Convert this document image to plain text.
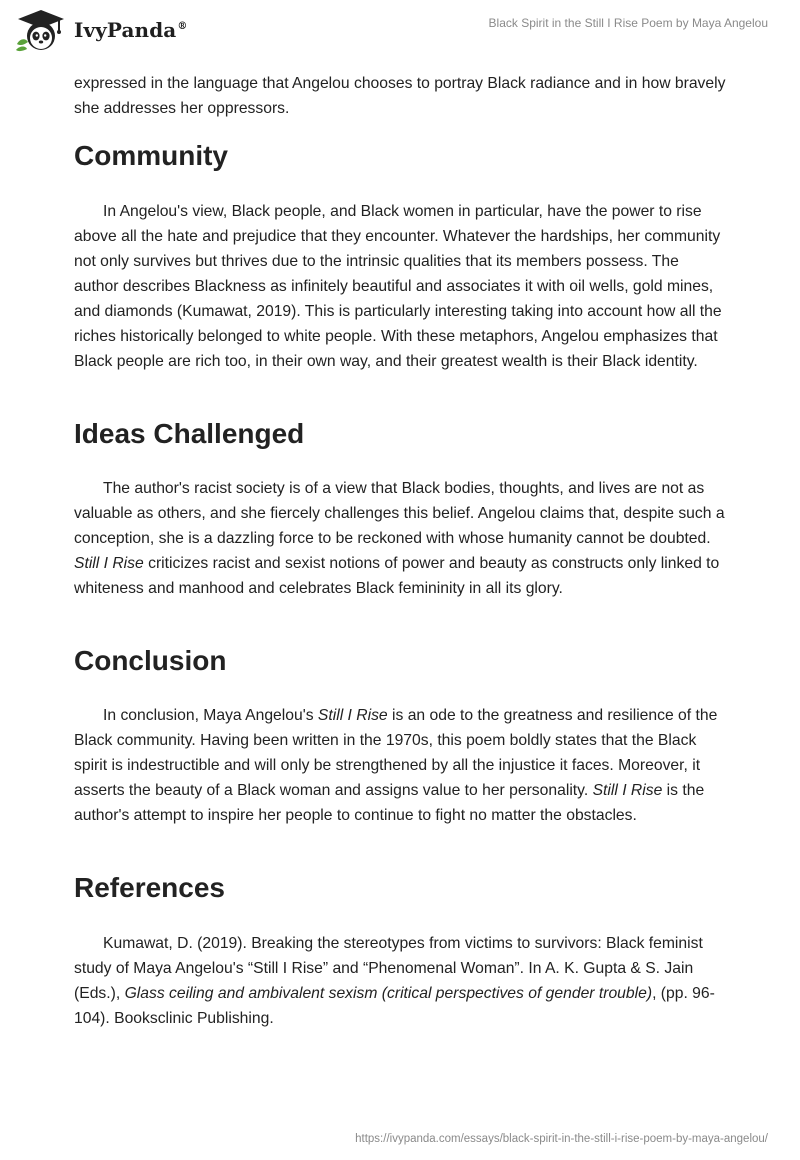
IvyPanda®	Black Spirit in the Still I Rise Poem by Maya Angelou

expressed in the language that Angelou chooses to portray Black radiance and in how bravely she addresses her oppressors.

Community

In Angelou's view, Black people, and Black women in particular, have the power to rise above all the hate and prejudice that they encounter. Whatever the hardships, her community not only survives but thrives due to the intrinsic qualities that its members possess. The author describes Blackness as infinitely beautiful and associates it with oil wells, gold mines, and diamonds (Kumawat, 2019). This is particularly interesting taking into account how all the riches historically belonged to white people. With these metaphors, Angelou emphasizes that Black people are rich too, in their own way, and their greatest wealth is their Black identity.

Ideas Challenged

The author's racist society is of a view that Black bodies, thoughts, and lives are not as valuable as others, and she fiercely challenges this belief. Angelou claims that, despite such a conception, she is a dazzling force to be reckoned with whose humanity cannot be doubted. Still I Rise criticizes racist and sexist notions of power and beauty as constructs only linked to whiteness and manhood and celebrates Black femininity in all its glory.

Conclusion

In conclusion, Maya Angelou's Still I Rise is an ode to the greatness and resilience of the Black community. Having been written in the 1970s, this poem boldly states that the Black spirit is indestructible and will only be strengthened by all the injustice it faces. Moreover, it asserts the beauty of a Black woman and assigns value to her personality. Still I Rise is the author's attempt to inspire her people to continue to fight no matter the obstacles.

References

Kumawat, D. (2019). Breaking the stereotypes from victims to survivors: Black feminist study of Maya Angelou's “Still I Rise” and “Phenomenal Woman”. In A. K. Gupta & S. Jain (Eds.), Glass ceiling and ambivalent sexism (critical perspectives of gender trouble), (pp. 96-104). Booksclinic Publishing.

https://ivypanda.com/essays/black-spirit-in-the-still-i-rise-poem-by-maya-angelou/
